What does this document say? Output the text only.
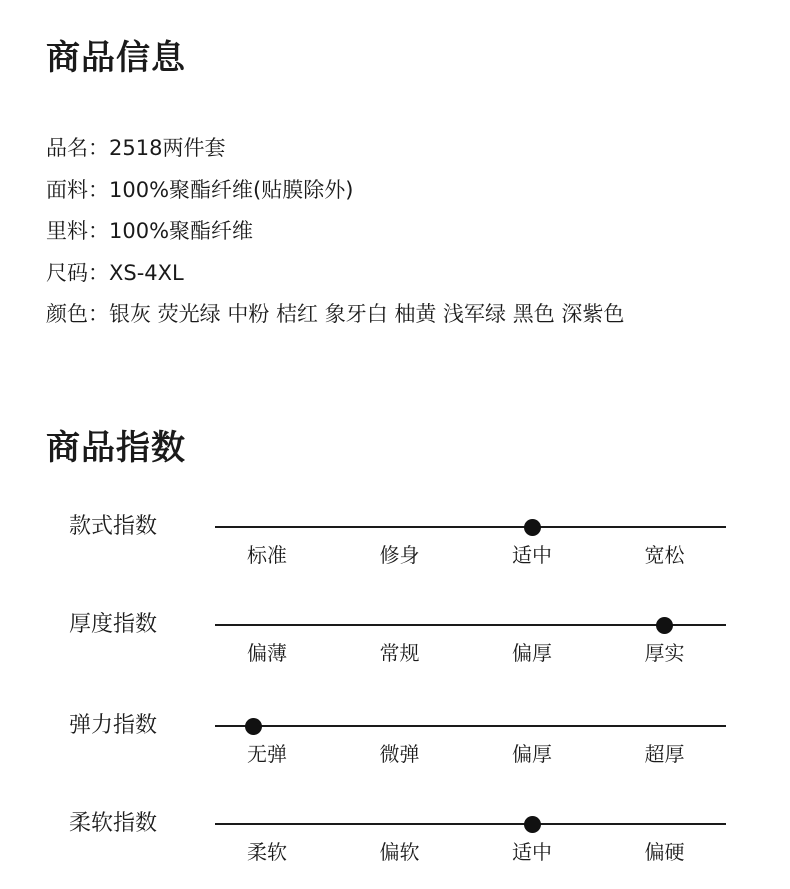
商品信息
品名：2518两件套
面料：100%聚酯纤维(贴膜除外)
里料：100%聚酯纤维
尺码：XS-4XL
颜色：银灰 荧光绿 中粉 桔红 象牙白 柚黄 浅军绿 黑色 深紫色
商品指数
款式指数
标准	修身	适中	宽松
厚度指数
偏薄	常规	偏厚	厚实
弹力指数
无弹	微弹	偏厚	超厚
柔软指数
柔软	偏软	适中	偏硬
